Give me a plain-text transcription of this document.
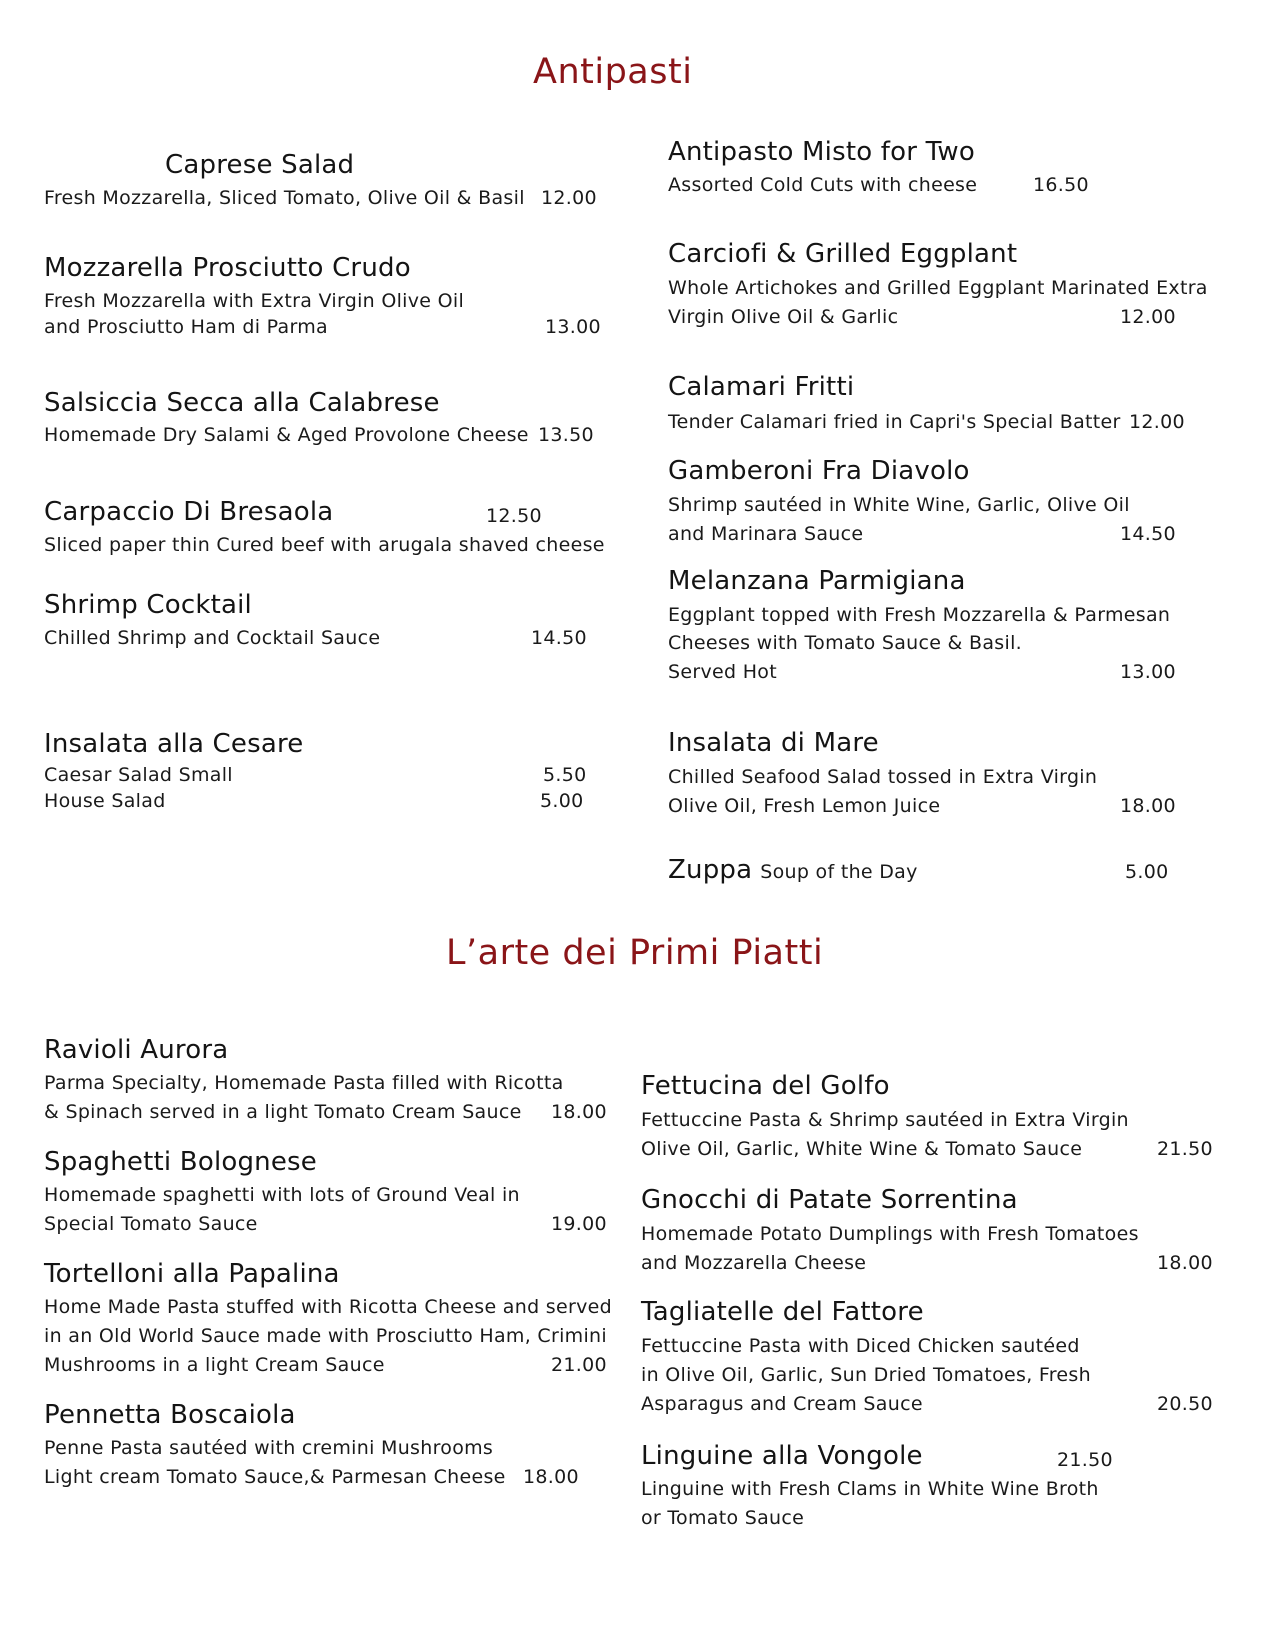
Antipasti
Caprese Salad
Fresh Mozzarella, Sliced Tomato, Olive Oil & Basil 12.00
Mozzarella Prosciutto Crudo
Fresh Mozzarella with Extra Virgin Olive Oil
and Prosciutto Ham di Parma	13.00
Salsiccia Secca alla Calabrese
Homemade Dry Salami & Aged Provolone Cheese 13.50
Carpaccio Di Bresaola	12.50
Sliced paper thin Cured beef with arugala shaved cheese
Shrimp Cocktail
Chilled Shrimp and Cocktail Sauce	14.50
Insalata alla Cesare
Caesar Salad Small	5.50
House Salad	5.00
Antipasto Misto for Two
Assorted Cold Cuts with cheese	16.50
Carciofi & Grilled Eggplant
Whole Artichokes and Grilled Eggplant Marinated Extra
Virgin Olive Oil & Garlic	12.00
Calamari Fritti
Tender Calamari fried in Capri's Special Batter 12.00
Gamberoni Fra Diavolo
Shrimp sautéed in White Wine, Garlic, Olive Oil
and Marinara Sauce	14.50
Melanzana Parmigiana
Eggplant topped with Fresh Mozzarella & Parmesan
Cheeses with Tomato Sauce & Basil.
Served Hot	13.00
Insalata di Mare
Chilled Seafood Salad tossed in Extra Virgin
Olive Oil, Fresh Lemon Juice	18.00
Zuppa Soup of the Day	5.00
L’arte dei Primi Piatti
Ravioli Aurora
Parma Specialty, Homemade Pasta filled with Ricotta
& Spinach served in a light Tomato Cream Sauce 18.00
Spaghetti Bolognese
Homemade spaghetti with lots of Ground Veal in
Special Tomato Sauce	19.00
Tortelloni alla Papalina
Home Made Pasta stuffed with Ricotta Cheese and served
in an Old World Sauce made with Prosciutto Ham, Crimini
Mushrooms in a light Cream Sauce	21.00
Pennetta Boscaiola
Penne Pasta sautéed with cremini Mushrooms
Light cream Tomato Sauce,& Parmesan Cheese 18.00
Fettucina del Golfo
Fettuccine Pasta & Shrimp sautéed in Extra Virgin
Olive Oil, Garlic, White Wine & Tomato Sauce	21.50
Gnocchi di Patate Sorrentina
Homemade Potato Dumplings with Fresh Tomatoes
and Mozzarella Cheese	18.00
Tagliatelle del Fattore
Fettuccine Pasta with Diced Chicken sautéed
in Olive Oil, Garlic, Sun Dried Tomatoes, Fresh
Asparagus and Cream Sauce	20.50
Linguine alla Vongole	21.50
Linguine with Fresh Clams in White Wine Broth
or Tomato Sauce
